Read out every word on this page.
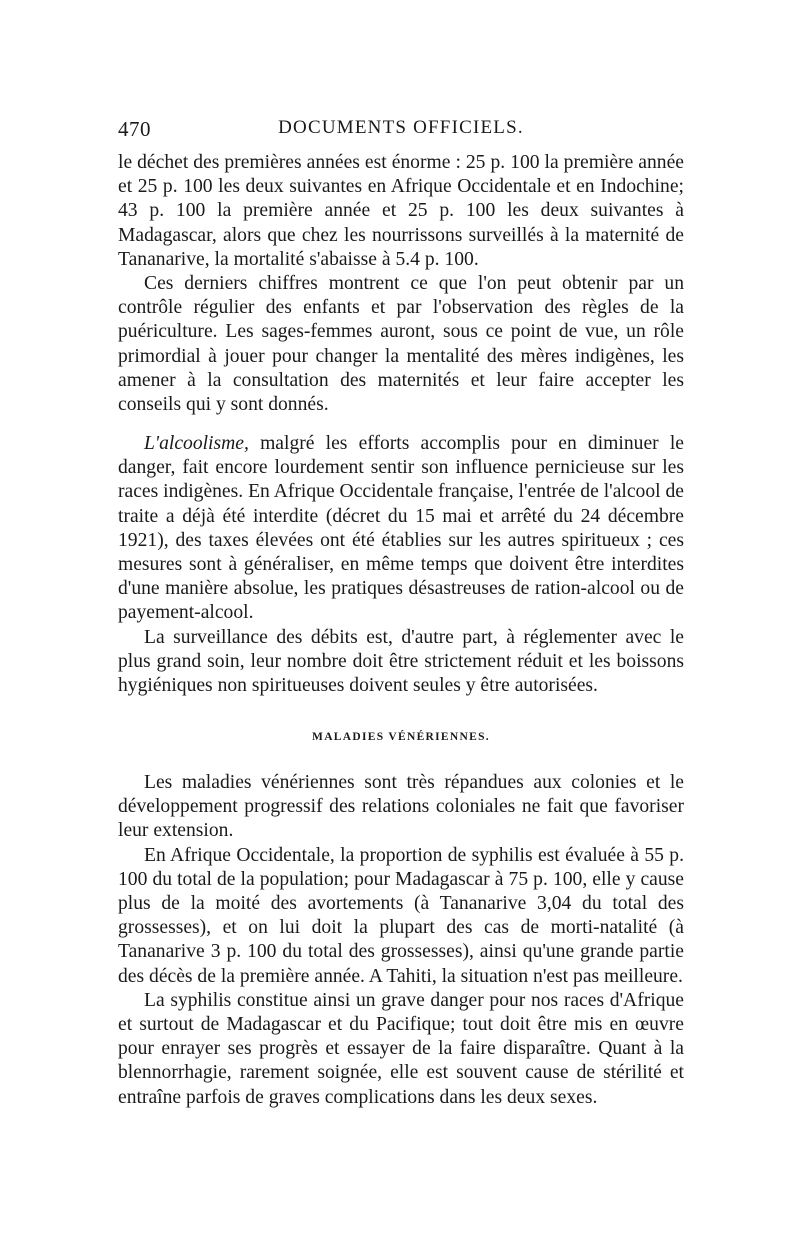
470	DOCUMENTS OFFICIELS.

le déchet des premières années est énorme : 25 p. 100 la première année et 25 p. 100 les deux suivantes en Afrique Occidentale et en Indochine; 43 p. 100 la première année et 25 p. 100 les deux suivantes à Madagascar, alors que chez les nourrissons surveillés à la maternité de Tananarive, la mortalité s'abaisse à 5.4 p. 100.

Ces derniers chiffres montrent ce que l'on peut obtenir par un contrôle régulier des enfants et par l'observation des règles de la puériculture. Les sages-femmes auront, sous ce point de vue, un rôle primordial à jouer pour changer la mentalité des mères indigènes, les amener à la consultation des maternités et leur faire accepter les conseils qui y sont donnés.

L'alcoolisme, malgré les efforts accomplis pour en diminuer le danger, fait encore lourdement sentir son influence pernicieuse sur les races indigènes. En Afrique Occidentale française, l'entrée de l'alcool de traite a déjà été interdite (décret du 15 mai et arrêté du 24 décembre 1921), des taxes élevées ont été établies sur les autres spiritueux ; ces mesures sont à généraliser, en même temps que doivent être interdites d'une manière absolue, les pratiques désastreuses de ration-alcool ou de payement-alcool.

La surveillance des débits est, d'autre part, à réglementer avec le plus grand soin, leur nombre doit être strictement réduit et les boissons hygiéniques non spiritueuses doivent seules y être autorisées.

MALADIES VÉNÉRIENNES.

Les maladies vénériennes sont très répandues aux colonies et le développement progressif des relations coloniales ne fait que favoriser leur extension.

En Afrique Occidentale, la proportion de syphilis est évaluée à 55 p. 100 du total de la population; pour Madagascar à 75 p. 100, elle y cause plus de la moité des avortements (à Tananarive 3,04 du total des grossesses), et on lui doit la plupart des cas de morti-natalité (à Tananarive 3 p. 100 du total des grossesses), ainsi qu'une grande partie des décès de la première année. A Tahiti, la situation n'est pas meilleure.

La syphilis constitue ainsi un grave danger pour nos races d'Afrique et surtout de Madagascar et du Pacifique; tout doit être mis en œuvre pour enrayer ses progrès et essayer de la faire disparaître. Quant à la blennorrhagie, rarement soignée, elle est souvent cause de stérilité et entraîne parfois de graves complications dans les deux sexes.
